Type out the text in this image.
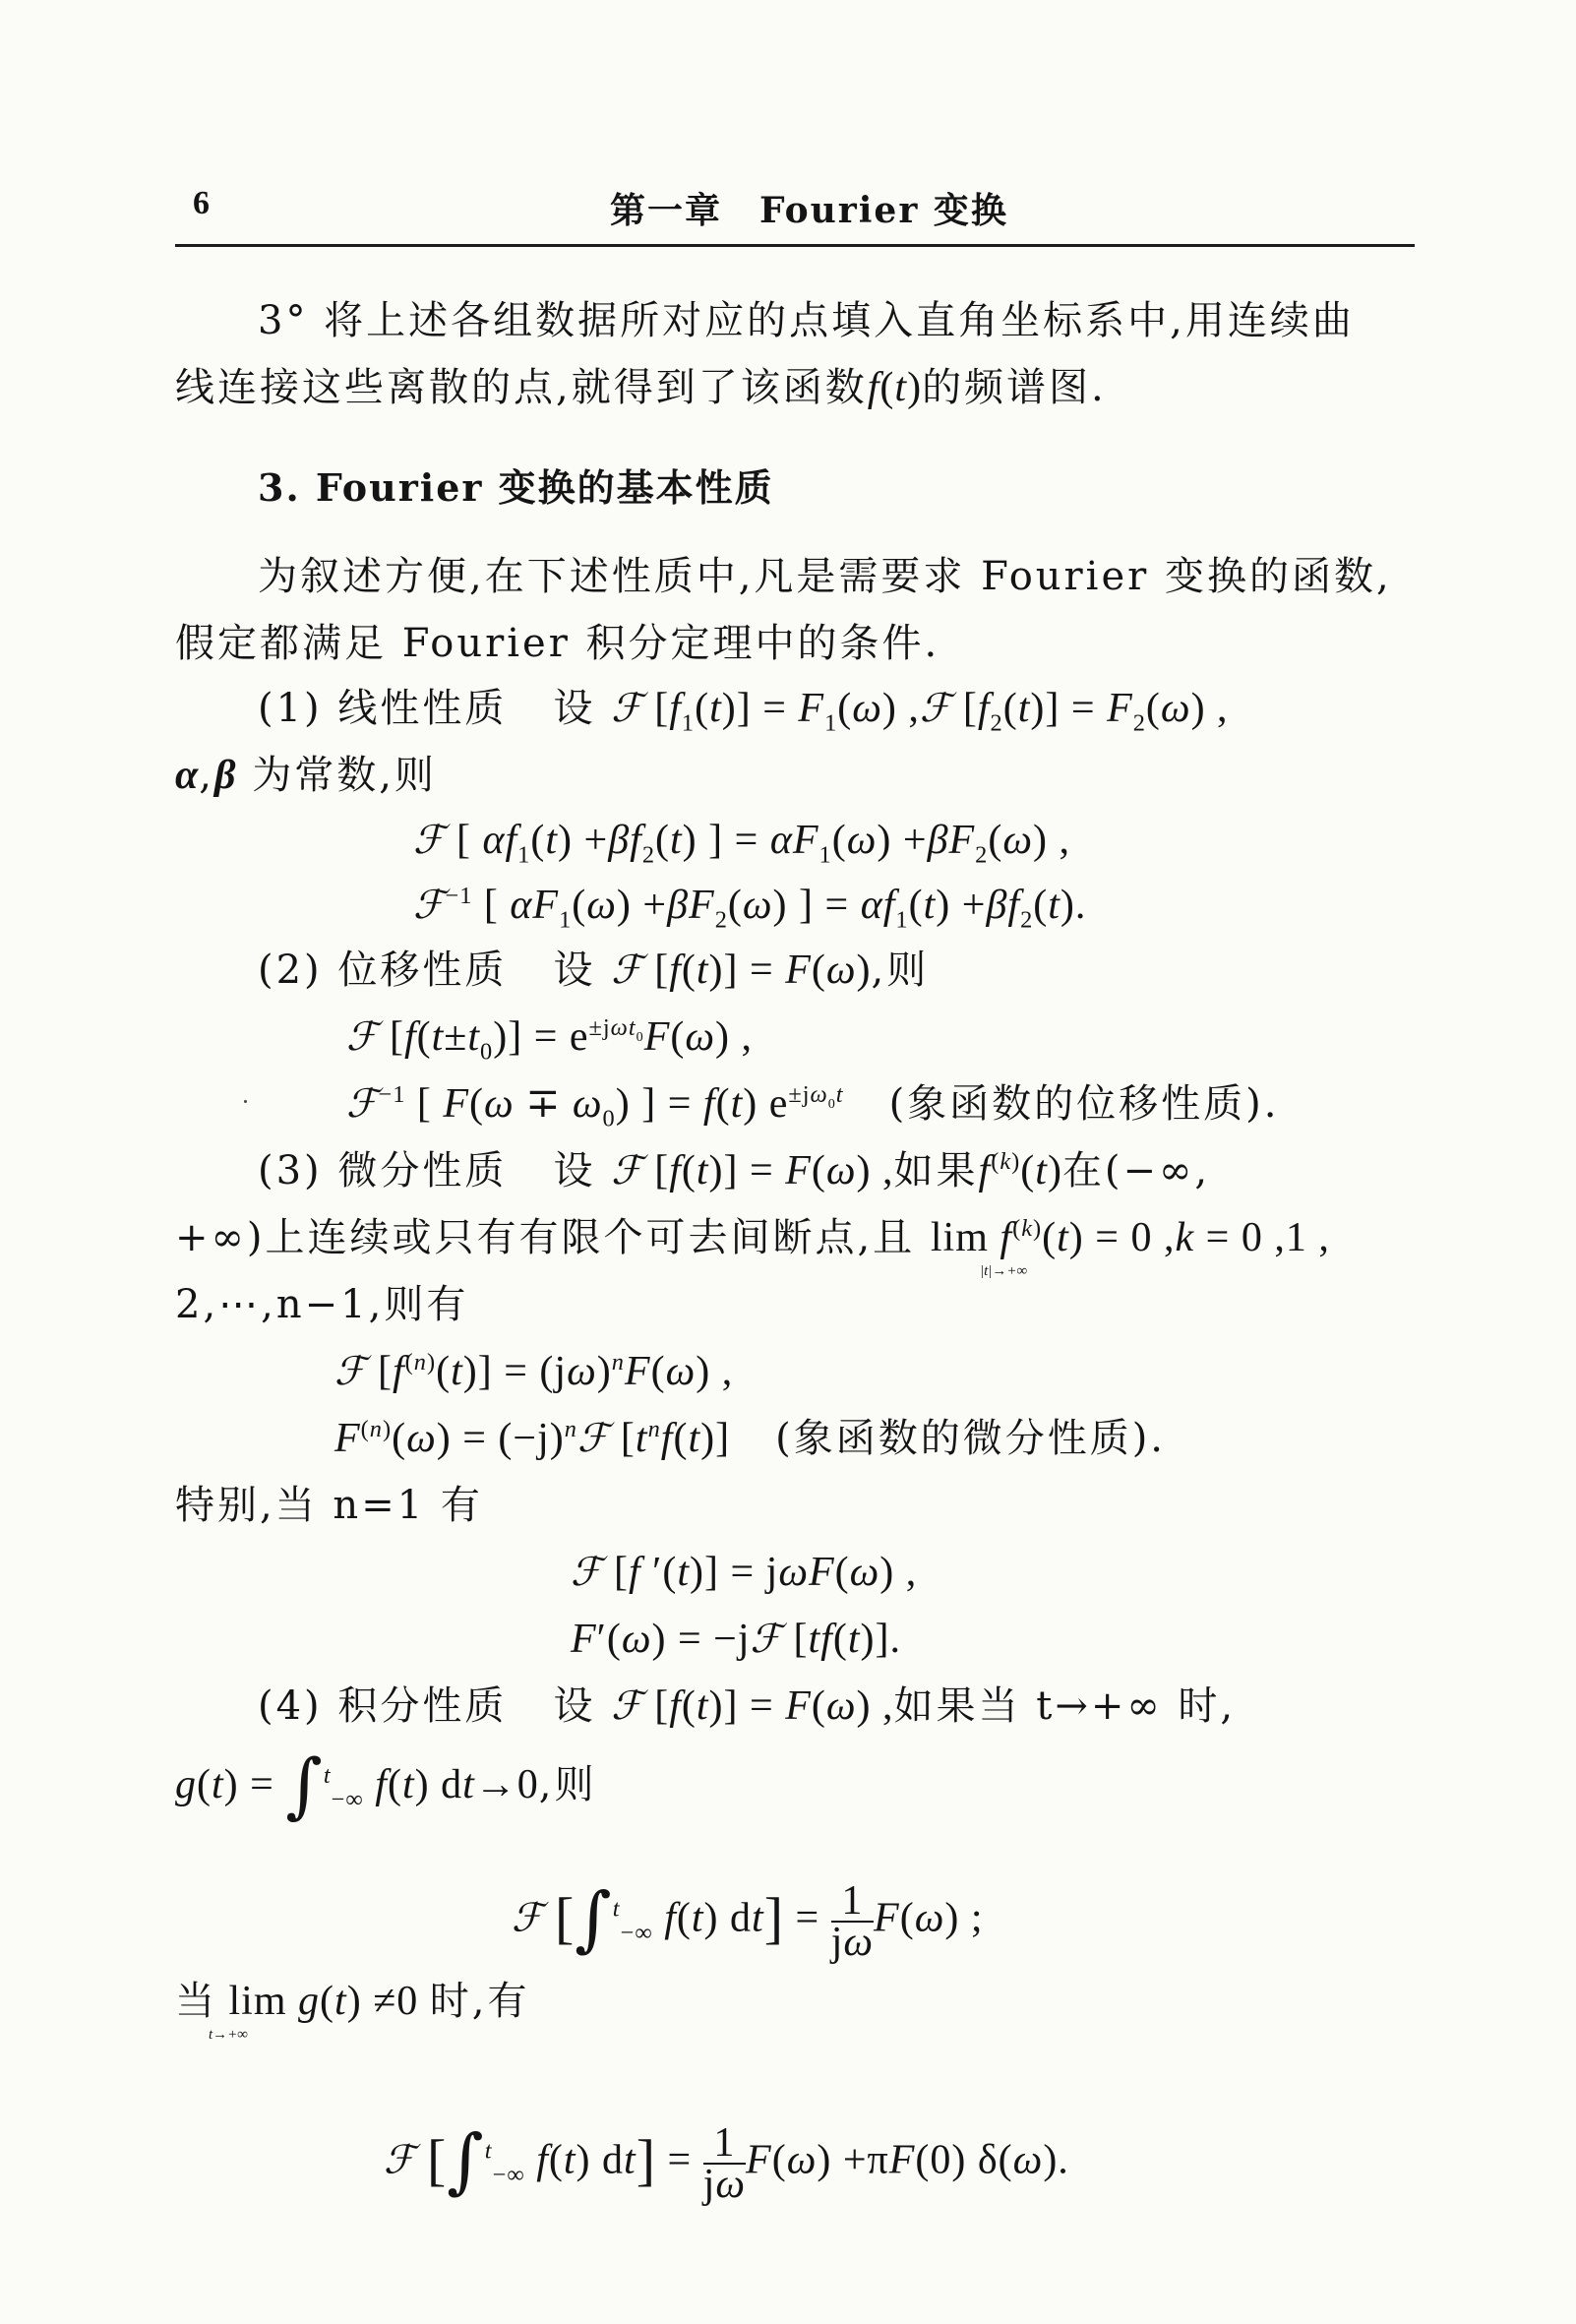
6	第一章　Fourier 变换
3° 将上述各组数据所对应的点填入直角坐标系中,用连续曲
线连接这些离散的点,就得到了该函数f(t)的频谱图.
3. Fourier 变换的基本性质
为叙述方便,在下述性质中,凡是需要求 Fourier 变换的函数,
假定都满足 Fourier 积分定理中的条件.
(1) 线性性质 设 ℱ $[f_1(t)] = F_1(\omega)$ ,ℱ $[f_2(t)] = F_2(\omega)$ ,
α,β 为常数,则
ℱ [ $\alpha f_1(t) +\beta f_2(t)$ ] = $\alpha F_1(\omega) +\beta F_2(\omega)$ ,
ℱ$^{-1}$ [ $\alpha F_1(\omega) +\beta F_2(\omega)$ ] = $\alpha f_1(t) +\beta f_2(t)$.
(2) 位移性质 设 ℱ [f(t)] = F(ω),则
ℱ $[f(t\pm t_0)] = e^{\pm j\omega t_0}F(\omega)$ ,
ℱ$^{-1}$ [ $F(\omega \mp \omega_0)$ ] = f(t) $e^{\pm j\omega_0t}$ (象函数的位移性质).
(3) 微分性质 设 ℱ [f(t)] = F(ω) ,如果$f^{(k)}(t)$在(−∞,
+∞)上连续或只有有限个可去间断点,且 $\lim f^{(k)}(t) = 0$ ,k = 0 ,1 ,
|t|→+∞
2,⋯,n−1,则有
ℱ $[f^{(n)}(t)] = (j\omega)^nF(\omega)$ ,
$F^{(n)}(\omega)$ = $(-j)^nℱ$ $[t^nf(t)]$    (象函数的微分性质).
特别,当 n=1 有
ℱ [f ′(t)] = jωF(ω) ,
F′(ω) = −jℱ [tf(t)].
(4) 积分性质 设 ℱ [f(t)] = F(ω) ,如果当 t→+∞ 时,
g(t) = ∫$^t_{-\infty}$ f(t) dt→0,则
ℱ [∫$^t_{-\infty}$ f(t) $dt] = \frac{1}{j\omega} F(\omega)$ ;
当 lim g(t) ≠0 时,有
t→+∞
ℱ [∫$^t_{-\infty}$ f(t) $dt] = \frac{1}{j\omega} F(\omega) +\pi F(0)$ δ(ω).
